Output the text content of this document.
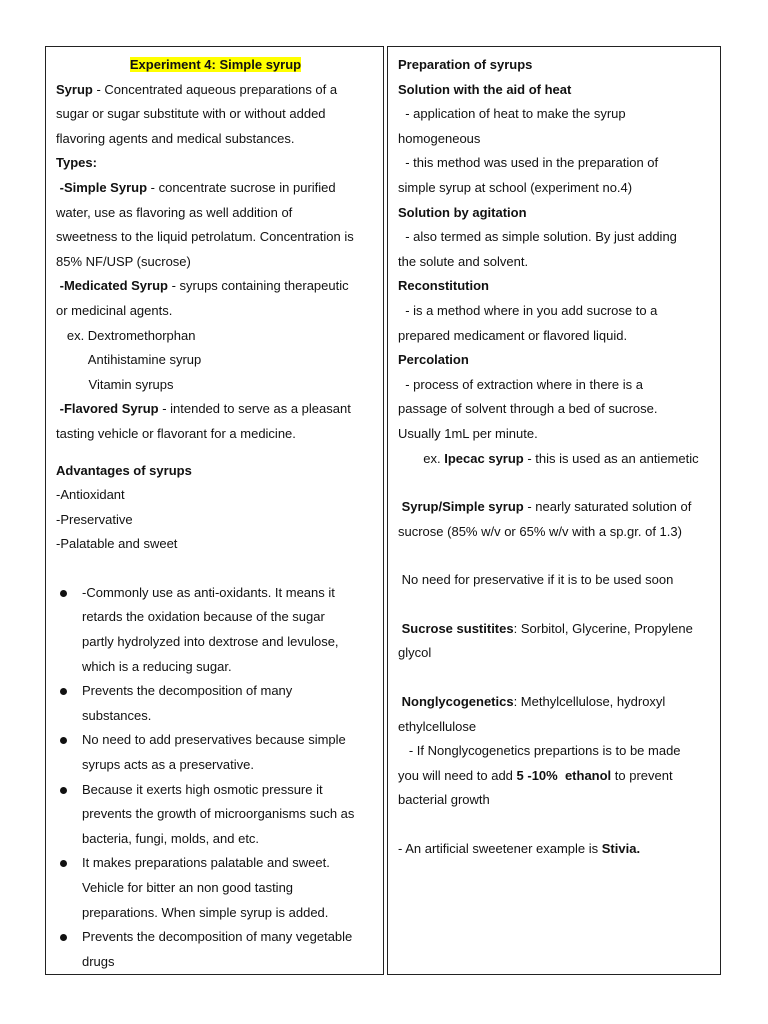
Experiment 4: Simple syrup
Syrup - Concentrated aqueous preparations of a
sugar or sugar substitute with or without added
flavoring agents and medical substances.
Types:
-Simple Syrup - concentrate sucrose in purified
water, use as flavoring as well addition of
sweetness to the liquid petrolatum. Concentration is
85% NF/USP (sucrose)
-Medicated Syrup - syrups containing therapeutic
or medicinal agents.
ex. Dextromethorphan
Antihistamine syrup
Vitamin syrups
-Flavored Syrup - intended to serve as a pleasant
tasting vehicle or flavorant for a medicine.
Advantages of syrups
-Antioxidant
-Preservative
-Palatable and sweet
-Commonly use as anti-oxidants. It means it
retards the oxidation because of the sugar
partly hydrolyzed into dextrose and levulose,
which is a reducing sugar.
Prevents the decomposition of many
substances.
No need to add preservatives because simple
syrups acts as a preservative.
Because it exerts high osmotic pressure it
prevents the growth of microorganisms such as
bacteria, fungi, molds, and etc.
It makes preparations palatable and sweet.
Vehicle for bitter an non good tasting
preparations. When simple syrup is added.
Prevents the decomposition of many vegetable
drugs
Preparation of syrups
Solution with the aid of heat
- application of heat to make the syrup
homogeneous
- this method was used in the preparation of
simple syrup at school (experiment no.4)
Solution by agitation
- also termed as simple solution. By just adding
the solute and solvent.
Reconstitution
- is a method where in you add sucrose to a
prepared medicament or flavored liquid.
Percolation
- process of extraction where in there is a
passage of solvent through a bed of sucrose.
Usually 1mL per minute.
ex. Ipecac syrup - this is used as an antiemetic
Syrup/Simple syrup - nearly saturated solution of
sucrose (85% w/v or 65% w/v with a sp.gr. of 1.3)
No need for preservative if it is to be used soon
Sucrose sustitites: Sorbitol, Glycerine, Propylene
glycol
Nonglycogenetics: Methylcellulose, hydroxyl
ethylcellulose
- If Nonglycogenetics prepartions is to be made
you will need to add 5 -10%  ethanol to prevent
bacterial growth
- An artificial sweetener example is Stivia.
